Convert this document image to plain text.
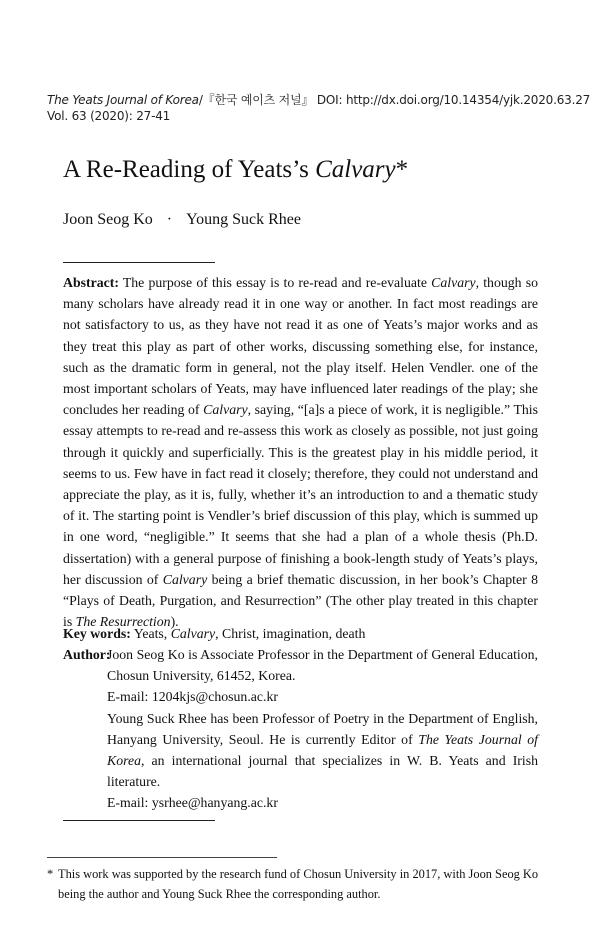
The Yeats Journal of Korea/『한국 예이츠 저널』 DOI: http://dx.doi.org/10.14354/yjk.2020.63.27
Vol. 63 (2020): 27-41
A Re-Reading of Yeats’s Calvary*
Joon Seog Ko · Young Suck Rhee
Abstract: The purpose of this essay is to re-read and re-evaluate Calvary, though so many scholars have already read it in one way or another. In fact most readings are not satisfactory to us, as they have not read it as one of Yeats’s major works and as they treat this play as part of other works, discussing something else, for instance, such as the dramatic form in general, not the play itself. Helen Vendler. one of the most important scholars of Yeats, may have influenced later readings of the play; she concludes her reading of Calvary, saying, “[a]s a piece of work, it is negligible.” This essay attempts to re-read and re-assess this work as closely as possible, not just going through it quickly and superficially. This is the greatest play in his middle period, it seems to us. Few have in fact read it closely; therefore, they could not understand and appreciate the play, as it is, fully, whether it’s an introduction to and a thematic study of it. The starting point is Vendler’s brief discussion of this play, which is summed up in one word, “negligible.” It seems that she had a plan of a whole thesis (Ph.D. dissertation) with a general purpose of finishing a book-length study of Yeats’s plays, her discussion of Calvary being a brief thematic discussion, in her book’s Chapter 8 “Plays of Death, Purgation, and Resurrection” (The other play treated in this chapter is The Resurrection).
Key words: Yeats, Calvary, Christ, imagination, death
Author:

Joon Seog Ko is Associate Professor in the Department of General Education, Chosun University, 61452, Korea.

E-mail: 1204kjs@chosun.ac.kr

Young Suck Rhee has been Professor of Poetry in the Department of English, Hanyang University, Seoul. He is currently Editor of The Yeats Journal of Korea, an international journal that specializes in W. B. Yeats and Irish literature.

E-mail: ysrhee@hanyang.ac.kr

* This work was supported by the research fund of Chosun University in 2017, with Joon Seog Ko being the author and Young Suck Rhee the corresponding author.
